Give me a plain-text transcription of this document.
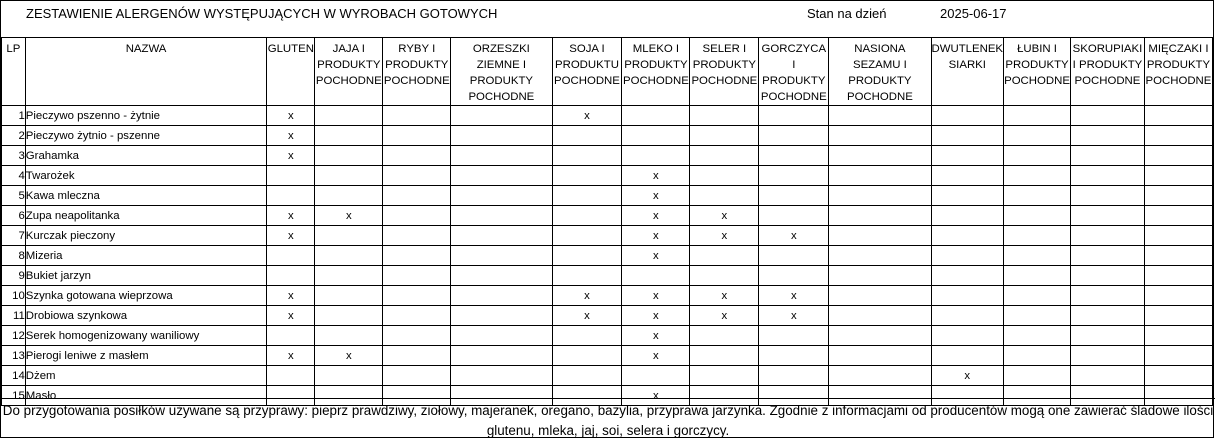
ZESTAWIENIE ALERGENÓW WYSTĘPUJĄCYCH W WYROBACH GOTOWYCH	Stan na dzień	2025-06-17
LP	NAZWA	GLUTEN	JAJA I PRODUKTY POCHODNE	RYBY I PRODUKTY POCHODNE	ORZESZKI ZIEMNE I PRODUKTY POCHODNE	SOJA I PRODUKTU POCHODNE	MLEKO I PRODUKTY POCHODNE	SELER I PRODUKTY POCHODNE	GORCZYCA I PRODUKTY POCHODNE	NASIONA SEZAMU I PRODUKTY POCHODNE	DWUTLENEK SIARKI	ŁUBIN I PRODUKTY POCHODNE	SKORUPIAKI I PRODUKTY POCHODNE	MIĘCZAKI I PRODUKTY POCHODNE
1	Pieczywo pszenno - żytnie	x				x								
2	Pieczywo żytnio - pszenne	x												
3	Grahamka	x												
4	Twarożek						x							
5	Kawa mleczna						x							
6	Zupa neapolitanka	x	x				x	x						
7	Kurczak pieczony	x					x	x	x					
8	Mizeria						x							
9	Bukiet jarzyn													
10	Szynka gotowana wieprzowa	x				x	x	x	x					
11	Drobiowa szynkowa	x				x	x	x	x					
12	Serek homogenizowany waniliowy						x							
13	Pierogi leniwe z masłem	x	x				x							
14	Dżem										x			
15	Masło						x							
Do przygotowania posiłków używane są przyprawy: pieprz prawdziwy, ziołowy, majeranek, oregano, bazylia, przyprawa jarzynka. Zgodnie z informacjami od producentów mogą one zawierać śladowe ilości glutenu, mleka, jaj, soi, selera i gorczycy.
